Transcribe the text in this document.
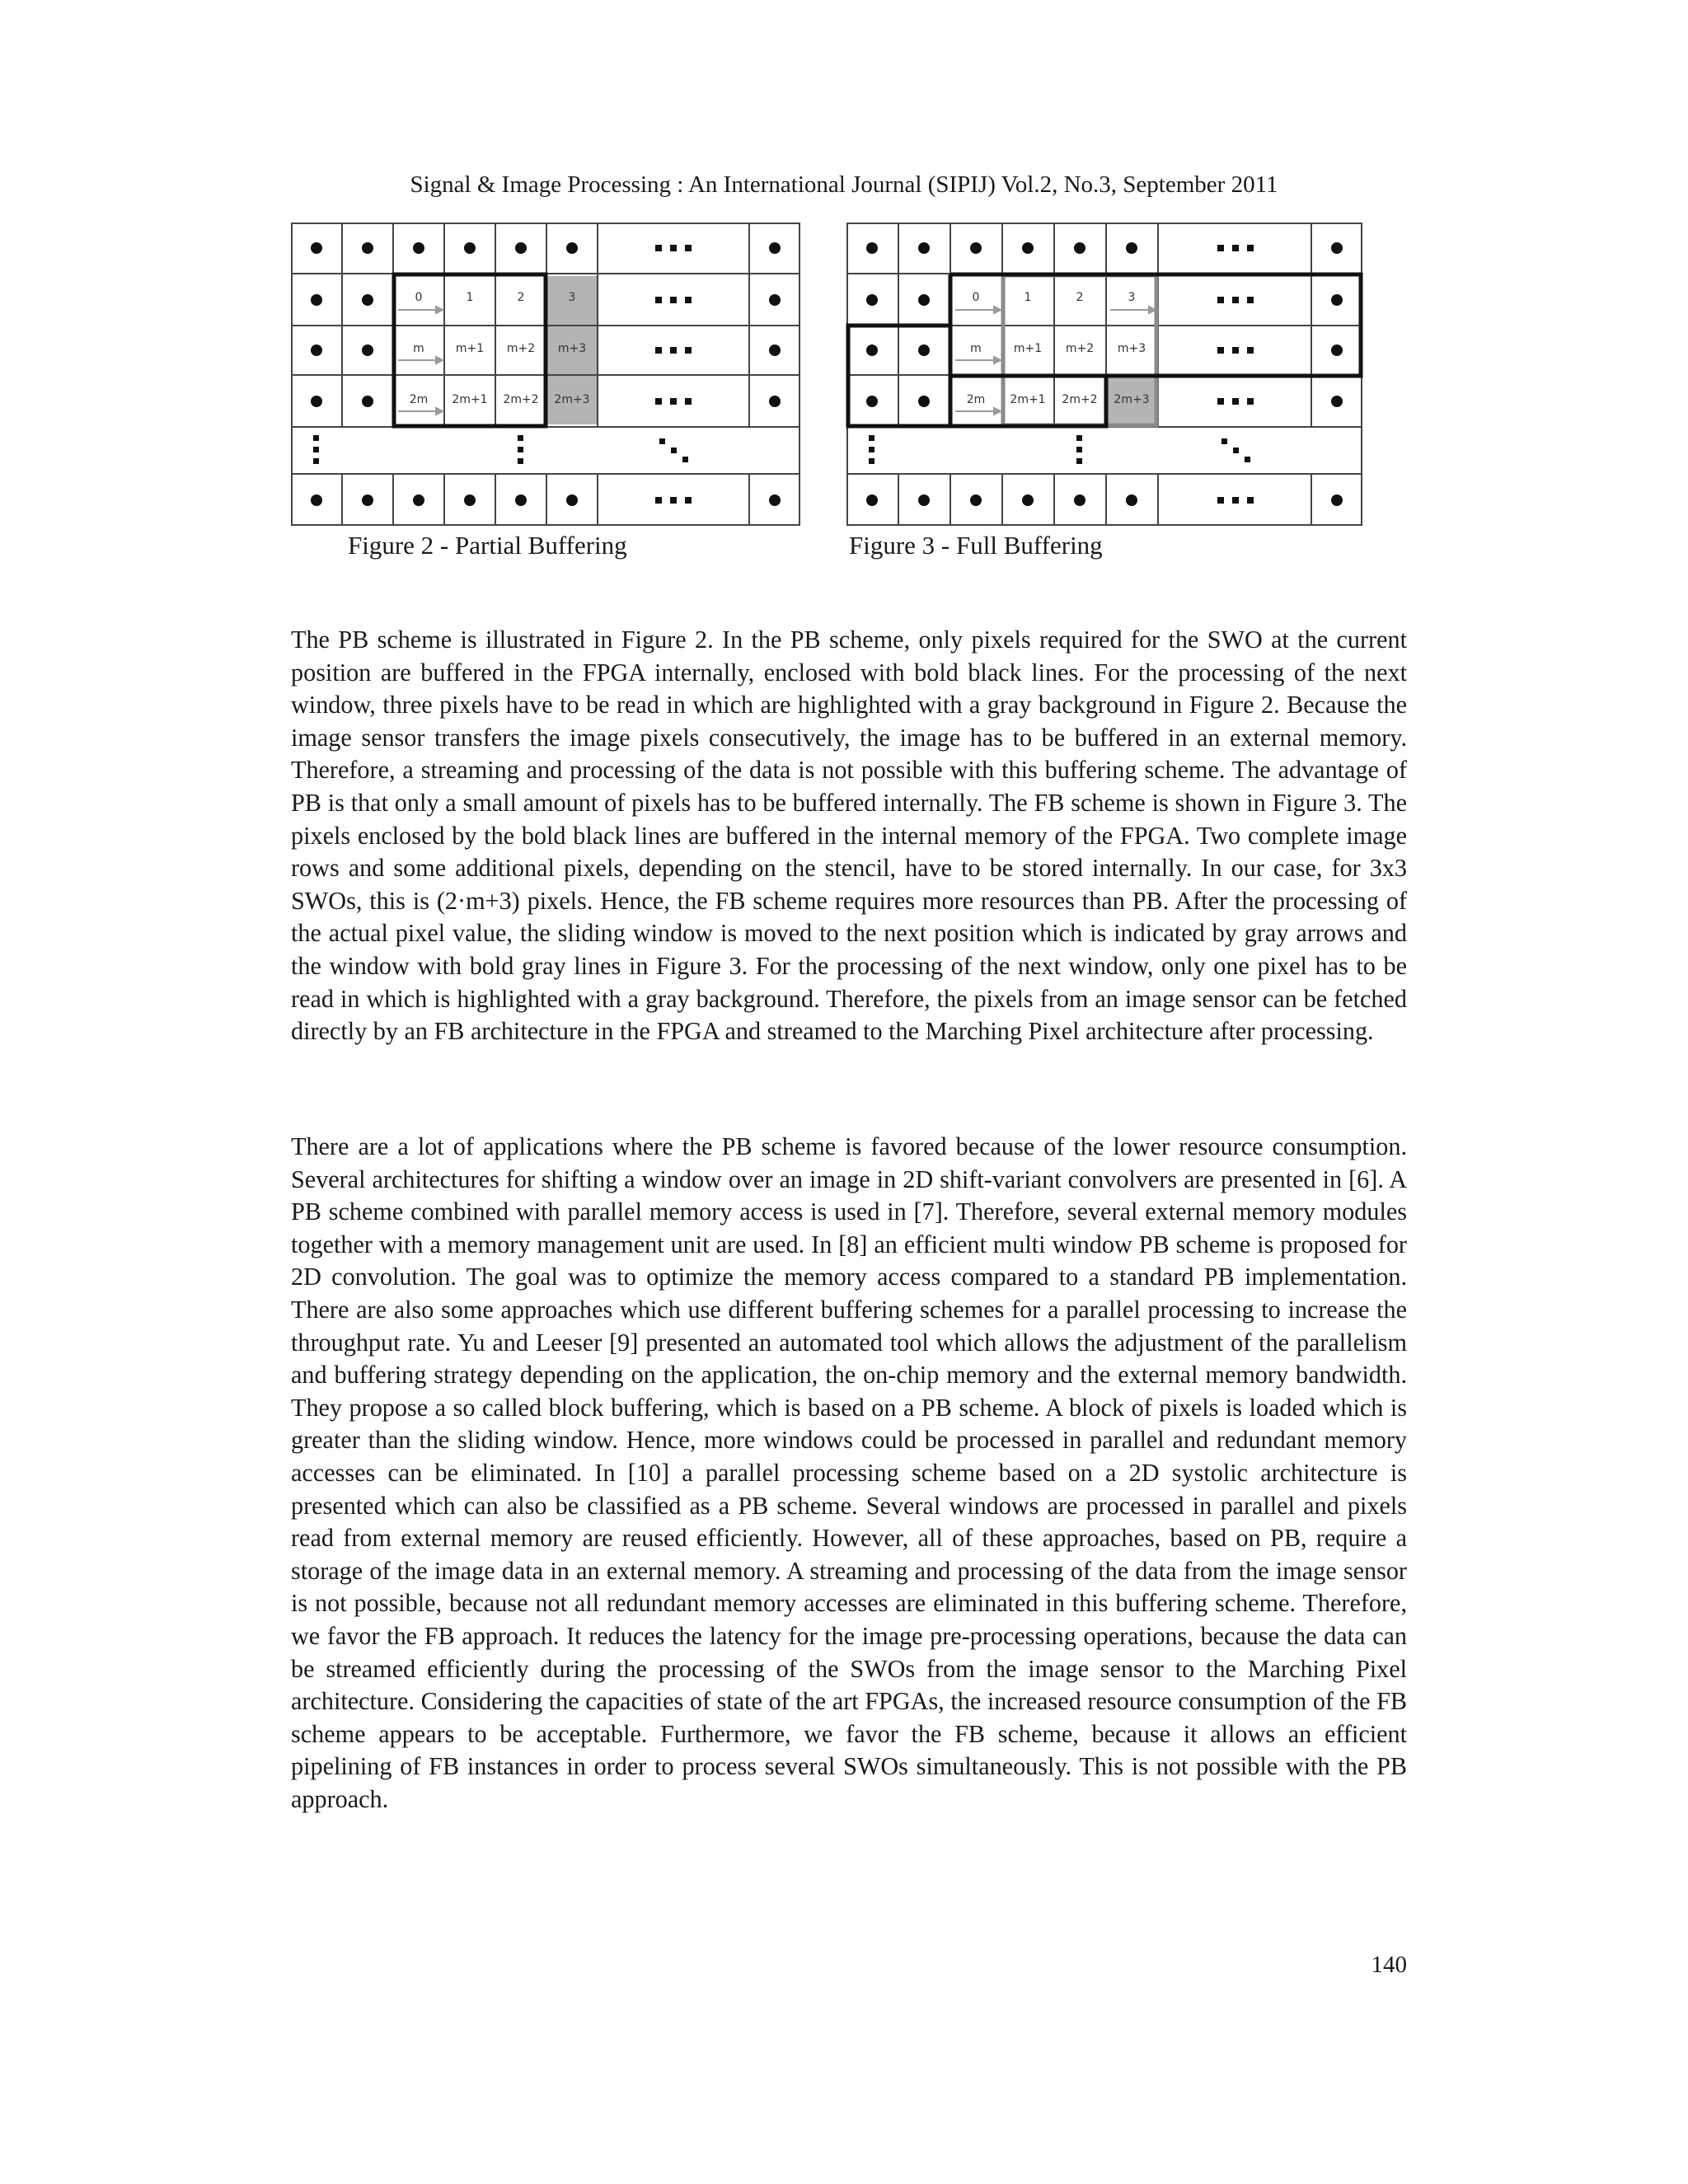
Signal & Image Processing : An International Journal (SIPIJ) Vol.2, No.3, September 2011
0	1	2	3
m	m+1 m+2 m+3
2m 2m+1 2m+2 2m+3
Figure 2 - Partial Buffering
0	1	2	3
m	m+1 m+2 m+3
2m 2m+1 2m+2 2m+3
Figure 3 - Full Buffering

The PB scheme is illustrated in Figure 2. In the PB scheme, only pixels required for the SWO at the current position are buffered in the FPGA internally, enclosed with bold black lines. For the processing of the next window, three pixels have to be read in which are highlighted with a gray background in Figure 2. Because the image sensor transfers the image pixels consecutively, the image has to be buffered in an external memory. Therefore, a streaming and processing of the data is not possible with this buffering scheme. The advantage of PB is that only a small amount of pixels has to be buffered internally. The FB scheme is shown in Figure 3. The pixels enclosed by the bold black lines are buffered in the internal memory of the FPGA. Two complete image rows and some additional pixels, depending on the stencil, have to be stored internally. In our case, for 3x3 SWOs, this is (2·m+3) pixels. Hence, the FB scheme requires more resources than PB. After the processing of the actual pixel value, the sliding window is moved to the next position which is indicated by gray arrows and the window with bold gray lines in Figure 3. For the processing of the next window, only one pixel has to be read in which is highlighted with a gray background. Therefore, the pixels from an image sensor can be fetched directly by an FB architecture in the FPGA and streamed to the Marching Pixel architecture after processing.

There are a lot of applications where the PB scheme is favored because of the lower resource consumption. Several architectures for shifting a window over an image in 2D shift-variant convolvers are presented in [6]. A PB scheme combined with parallel memory access is used in [7]. Therefore, several external memory modules together with a memory management unit are used. In [8] an efficient multi window PB scheme is proposed for 2D convolution. The goal was to optimize the memory access compared to a standard PB implementation. There are also some approaches which use different buffering schemes for a parallel processing to increase the throughput rate. Yu and Leeser [9] presented an automated tool which allows the adjustment of the parallelism and buffering strategy depending on the application, the on-chip memory and the external memory bandwidth. They propose a so called block buffering, which is based on a PB scheme. A block of pixels is loaded which is greater than the sliding window. Hence, more windows could be processed in parallel and redundant memory accesses can be eliminated. In [10] a parallel processing scheme based on a 2D systolic architecture is presented which can also be classified as a PB scheme. Several windows are processed in parallel and pixels read from external memory are reused efficiently. However, all of these approaches, based on PB, require a storage of the image data in an external memory. A streaming and processing of the data from the image sensor is not possible, because not all redundant memory accesses are eliminated in this buffering scheme. Therefore, we favor the FB approach. It reduces the latency for the image pre-processing operations, because the data can be streamed efficiently during the processing of the SWOs from the image sensor to the Marching Pixel architecture. Considering the capacities of state of the art FPGAs, the increased resource consumption of the FB scheme appears to be acceptable. Furthermore, we favor the FB scheme, because it allows an efficient pipelining of FB instances in order to process several SWOs simultaneously. This is not possible with the PB approach.

140
